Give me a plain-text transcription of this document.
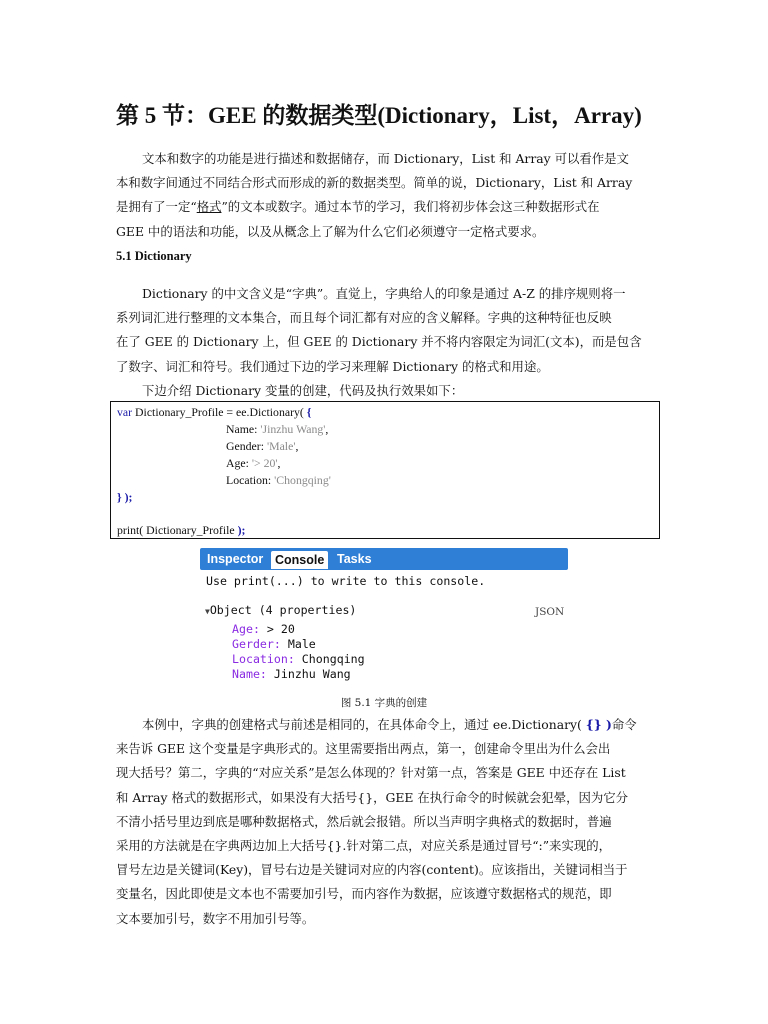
第 5 节：GEE 的数据类型(Dictionary，List，Array)
文本和数字的功能是进行描述和数据储存，而 Dictionary，List 和 Array 可以看作是文
本和数字间通过不同结合形式而形成的新的数据类型。简单的说，Dictionary，List 和 Array
是拥有了一定“格式”的文本或数字。通过本节的学习，我们将初步体会这三种数据形式在
GEE 中的语法和功能，以及从概念上了解为什么它们必须遵守一定格式要求。
5.1 Dictionary
Dictionary 的中文含义是“字典”。直觉上，字典给人的印象是通过 A-Z 的排序规则将一
系列词汇进行整理的文本集合，而且每个词汇都有对应的含义解释。字典的这种特征也反映
在了 GEE 的 Dictionary 上，但 GEE 的 Dictionary 并不将内容限定为词汇(文本)，而是包含
了数字、词汇和符号。我们通过下边的学习来理解 Dictionary 的格式和用途。
下边介绍 Dictionary 变量的创建，代码及执行效果如下：
var Dictionary_Profile = ee.Dictionary( {
Name: 'Jinzhu Wang',
Gender: 'Male',
Age: '> 20',
Location: 'Chongqing'
} );
print( Dictionary_Profile );
Inspector Console	Tasks
Use print(...) to write to this console.
▼Object (4 properties)	JSON
Age: > 20
Gerder: Male
Location: Chongqing
Name: Jinzhu Wang
图 5.1 字典的创建
本例中，字典的创建格式与前述是相同的，在具体命令上，通过 ee.Dictionary( {} )命令
来告诉 GEE 这个变量是字典形式的。这里需要指出两点，第一，创建命令里出为什么会出
现大括号？第二，字典的“对应关系”是怎么体现的？针对第一点，答案是 GEE 中还存在 List
和 Array 格式的数据形式，如果没有大括号{}，GEE 在执行命令的时候就会犯晕，因为它分
不清小括号里边到底是哪种数据格式，然后就会报错。所以当声明字典格式的数据时，普遍
采用的方法就是在字典两边加上大括号{}.针对第二点，对应关系是通过冒号“:”来实现的，
冒号左边是关键词(Key)，冒号右边是关键词对应的内容(content)。应该指出，关键词相当于
变量名，因此即使是文本也不需要加引号，而内容作为数据，应该遵守数据格式的规范，即
文本要加引号，数字不用加引号等。
